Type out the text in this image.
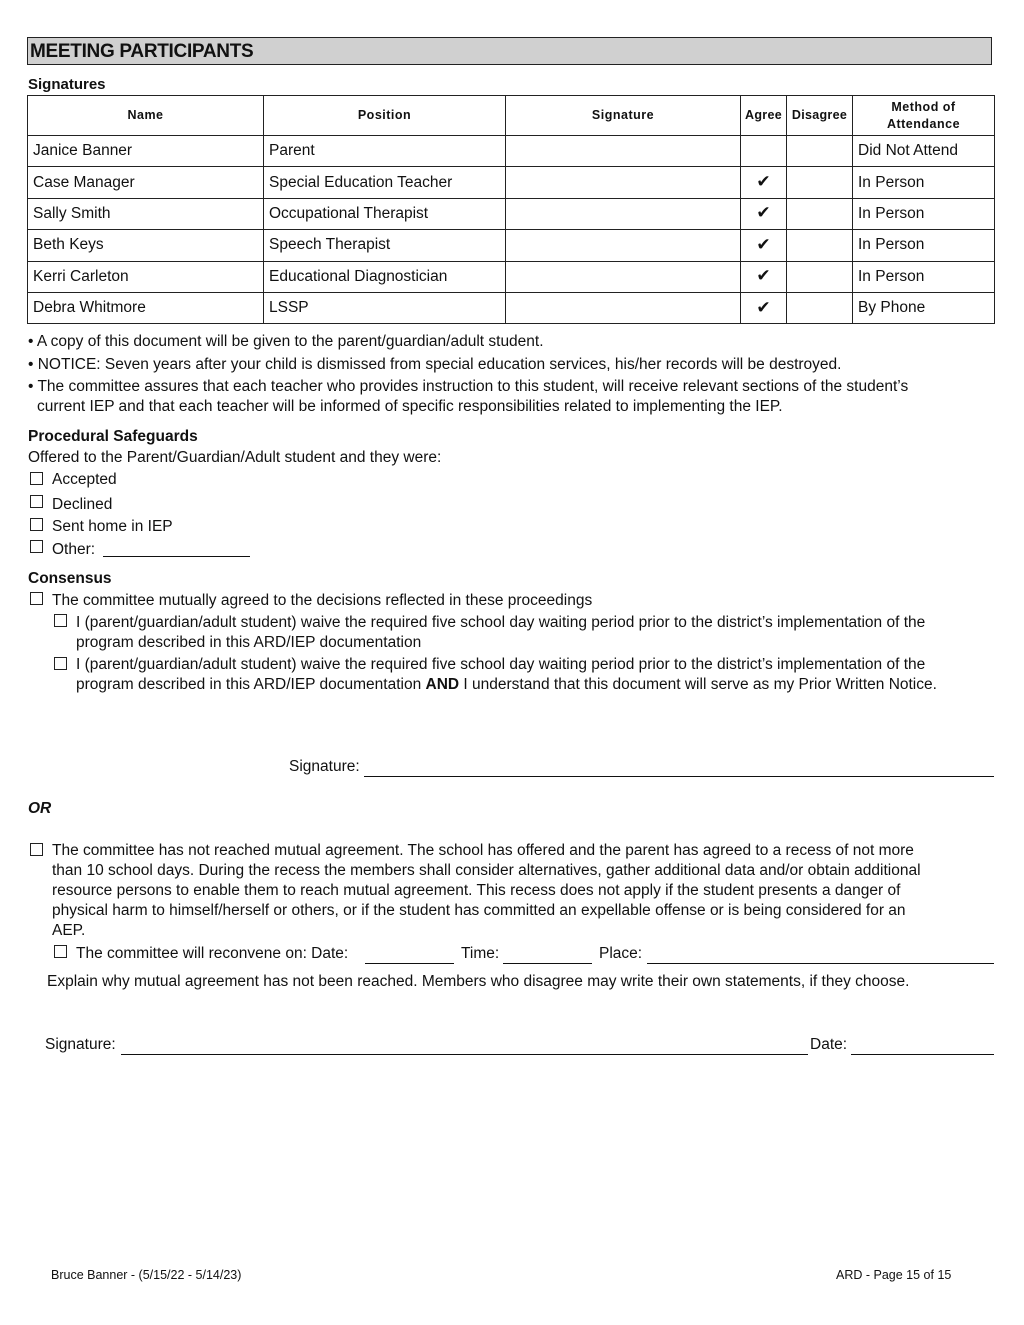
MEETING PARTICIPANTS
Signatures
Name	Position	Signature	Agree	Disagree	Method of
Attendance
Janice Banner	Parent				Did Not Attend
Case Manager	Special Education Teacher		✔		In Person
Sally Smith	Occupational Therapist		✔		In Person
Beth Keys	Speech Therapist		✔		In Person
Kerri Carleton	Educational Diagnostician		✔		In Person
Debra Whitmore	LSSP		✔		By Phone
• A copy of this document will be given to the parent/guardian/adult student.
• NOTICE: Seven years after your child is dismissed from special education services, his/her records will be destroyed.
• The committee assures that each teacher who provides instruction to this student, will receive relevant sections of the student’s
current IEP and that each teacher will be informed of specific responsibilities related to implementing the IEP.
Procedural Safeguards
Offered to the Parent/Guardian/Adult student and they were:
Accepted
Declined
Sent home in IEP
Other:
Consensus
The committee mutually agreed to the decisions reflected in these proceedings
I (parent/guardian/adult student) waive the required five school day waiting period prior to the district’s implementation of the
program described in this ARD/IEP documentation
I (parent/guardian/adult student) waive the required five school day waiting period prior to the district’s implementation of the
program described in this ARD/IEP documentation AND I understand that this document will serve as my Prior Written Notice.
Signature:
OR
The committee has not reached mutual agreement. The school has offered and the parent has agreed to a recess of not more
than 10 school days. During the recess the members shall consider alternatives, gather additional data and/or obtain additional
resource persons to enable them to reach mutual agreement. This recess does not apply if the student presents a danger of
physical harm to himself/herself or others, or if the student has committed an expellable offense or is being considered for an
AEP.
The committee will reconvene on: Date:	Time:	Place:
Explain why mutual agreement has not been reached. Members who disagree may write their own statements, if they choose.
Signature:	Date:
Bruce Banner - (5/15/22 - 5/14/23)	ARD - Page 15 of 15
